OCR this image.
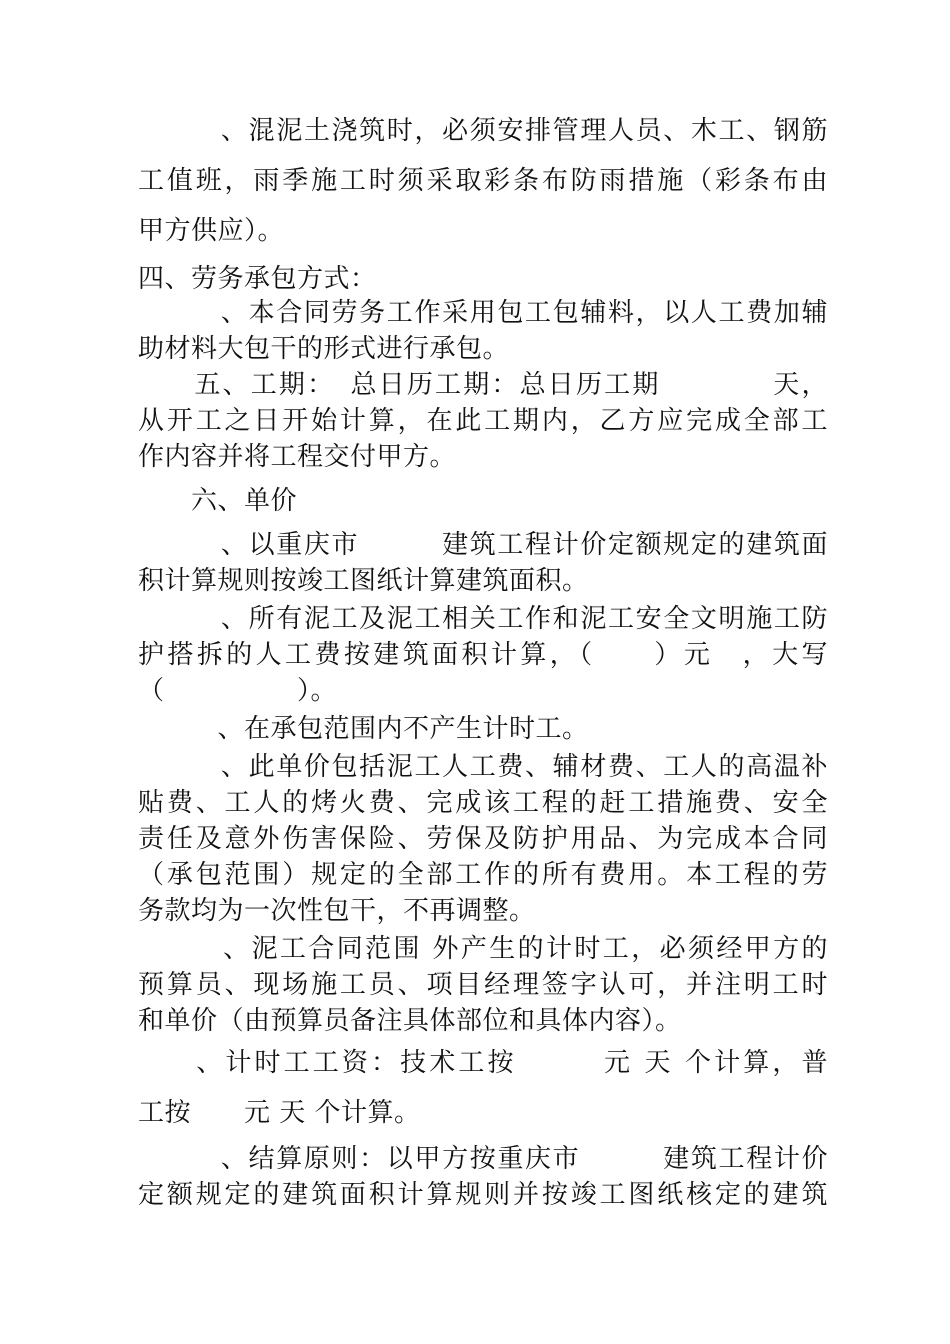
　　　、混泥土浇筑时，必须安排管理人员、木工、钢筋
工值班，雨季施工时须采取彩条布防雨措施（彩条布由
甲方供应）。
四、劳务承包方式：
　　　、本合同劳务工作采用包工包辅料，以人工费加辅
助材料大包干的形式进行承包。
　　五、工期：　总日历工期：总日历工期　　　　天，
从开工之日开始计算，在此工期内，乙方应完成全部工
作内容并将工程交付甲方。
　　六、单价
　　　、以重庆市　　　建筑工程计价定额规定的建筑面
积计算规则按竣工图纸计算建筑面积。
　　　、所有泥工及泥工相关工作和泥工安全文明施工防
护搭拆的人工费按建筑面积计算，（　　）元　，大写
（　　　　　）。
　　　、在承包范围内不产生计时工。
　　　、此单价包括泥工人工费、辅材费、工人的高温补
贴费、工人的烤火费、完成该工程的赶工措施费、安全
责任及意外伤害保险、劳保及防护用品、为完成本合同
（承包范围）规定的全部工作的所有费用。本工程的劳
务款均为一次性包干，不再调整。
　　　、泥工合同范围 外产生的计时工，必须经甲方的
预算员、现场施工员、项目经理签字认可，并注明工时
和单价（由预算员备注具体部位和具体内容）。
　　、计时工工资：技术工按　　　元 天 个计算，普
工按　　元 天 个计算。
　　　、结算原则：以甲方按重庆市　　　建筑工程计价
定额规定的建筑面积计算规则并按竣工图纸核定的建筑
